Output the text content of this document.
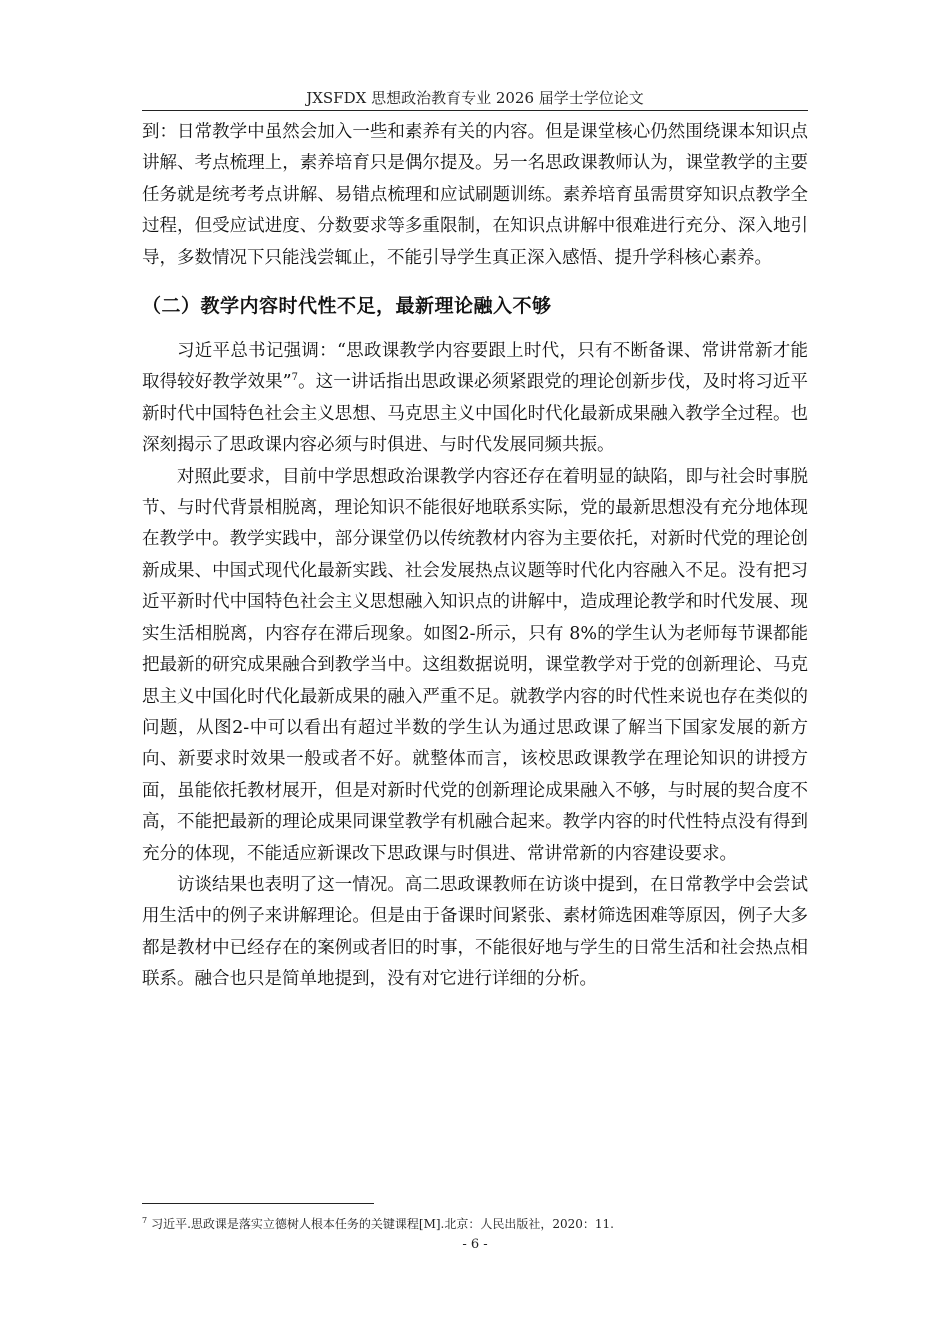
JXSFDX 思想政治教育专业 2026 届学士学位论文

到：日常教学中虽然会加入一些和素养有关的内容。但是课堂核心仍然围绕课本知识点讲解、考点梳理上，素养培育只是偶尔提及。另一名思政课教师认为，课堂教学的主要任务就是统考考点讲解、易错点梳理和应试刷题训练。素养培育虽需贯穿知识点教学全过程，但受应试进度、分数要求等多重限制，在知识点讲解中很难进行充分、深入地引导，多数情况下只能浅尝辄止，不能引导学生真正深入感悟、提升学科核心素养。

（二）教学内容时代性不足，最新理论融入不够

习近平总书记强调：“思政课教学内容要跟上时代，只有不断备课、常讲常新才能取得较好教学效果”$^7$。这一讲话指出思政课必须紧跟党的理论创新步伐，及时将习近平新时代中国特色社会主义思想、马克思主义中国化时代化最新成果融入教学全过程。也深刻揭示了思政课内容必须与时俱进、与时代发展同频共振。

对照此要求，目前中学思想政治课教学内容还存在着明显的缺陷，即与社会时事脱节、与时代背景相脱离，理论知识不能很好地联系实际，党的最新思想没有充分地体现在教学中。教学实践中，部分课堂仍以传统教材内容为主要依托，对新时代党的理论创新成果、中国式现代化最新实践、社会发展热点议题等时代化内容融入不足。没有把习近平新时代中国特色社会主义思想融入知识点的讲解中，造成理论教学和时代发展、现实生活相脱离，内容存在滞后现象。如图2-所示，只有 8%的学生认为老师每节课都能把最新的研究成果融合到教学当中。这组数据说明，课堂教学对于党的创新理论、马克思主义中国化时代化最新成果的融入严重不足。就教学内容的时代性来说也存在类似的问题，从图2-中可以看出有超过半数的学生认为通过思政课了解当下国家发展的新方向、新要求时效果一般或者不好。就整体而言，该校思政课教学在理论知识的讲授方面，虽能依托教材展开，但是对新时代党的创新理论成果融入不够，与时展的契合度不高，不能把最新的理论成果同课堂教学有机融合起来。教学内容的时代性特点没有得到充分的体现，不能适应新课改下思政课与时俱进、常讲常新的内容建设要求。

访谈结果也表明了这一情况。高二思政课教师在访谈中提到，在日常教学中会尝试用生活中的例子来讲解理论。但是由于备课时间紧张、素材筛选困难等原因，例子大多都是教材中已经存在的案例或者旧的时事，不能很好地与学生的日常生活和社会热点相联系。融合也只是简单地提到，没有对它进行详细的分析。

$^7$ 习近平.思政课是落实立德树人根本任务的关键课程[M].北京：人民出版社，2020：11.
- 6 -
